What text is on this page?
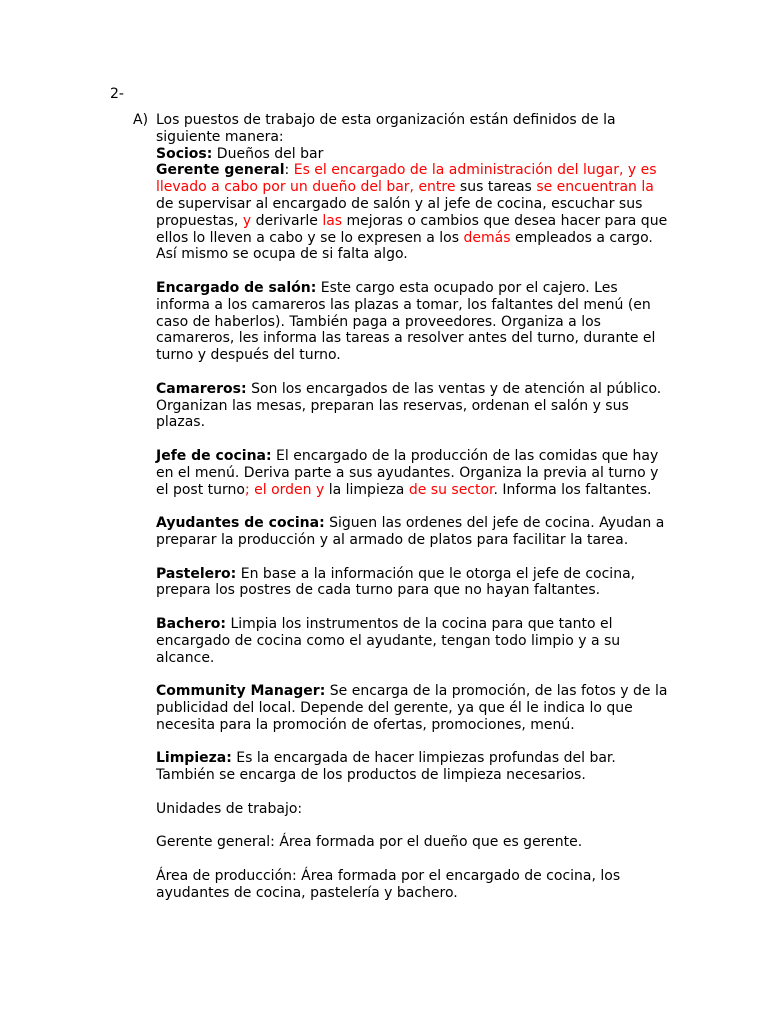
2-
A) Los puestos de trabajo de esta organización están definidos de la siguiente manera:

Socios: Dueños del bar

Gerente general: Es el encargado de la administración del lugar, y es llevado a cabo por un dueño del bar, entre sus tareas se encuentran la de supervisar al encargado de salón y al jefe de cocina, escuchar sus propuestas, y derivarle las mejoras o cambios que desea hacer para que ellos lo lleven a cabo y se lo expresen a los demás empleados a cargo. Así mismo se ocupa de si falta algo.

Encargado de salón: Este cargo esta ocupado por el cajero. Les informa a los camareros las plazas a tomar, los faltantes del menú (en caso de haberlos). También paga a proveedores. Organiza a los camareros, les informa las tareas a resolver antes del turno, durante el turno y después del turno.

Camareros: Son los encargados de las ventas y de atención al público. Organizan las mesas, preparan las reservas, ordenan el salón y sus plazas.

Jefe de cocina: El encargado de la producción de las comidas que hay en el menú. Deriva parte a sus ayudantes. Organiza la previa al turno y el post turno; el orden y la limpieza de su sector. Informa los faltantes.

Ayudantes de cocina: Siguen las ordenes del jefe de cocina. Ayudan a preparar la producción y al armado de platos para facilitar la tarea.

Pastelero: En base a la información que le otorga el jefe de cocina, prepara los postres de cada turno para que no hayan faltantes.

Bachero: Limpia los instrumentos de la cocina para que tanto el encargado de cocina como el ayudante, tengan todo limpio y a su alcance.

Community Manager: Se encarga de la promoción, de las fotos y de la publicidad del local. Depende del gerente, ya que él le indica lo que necesita para la promoción de ofertas, promociones, menú.

Limpieza: Es la encargada de hacer limpiezas profundas del bar. También se encarga de los productos de limpieza necesarios.

Unidades de trabajo:

Gerente general: Área formada por el dueño que es gerente.

Área de producción: Área formada por el encargado de cocina, los ayudantes de cocina, pastelería y bachero.
